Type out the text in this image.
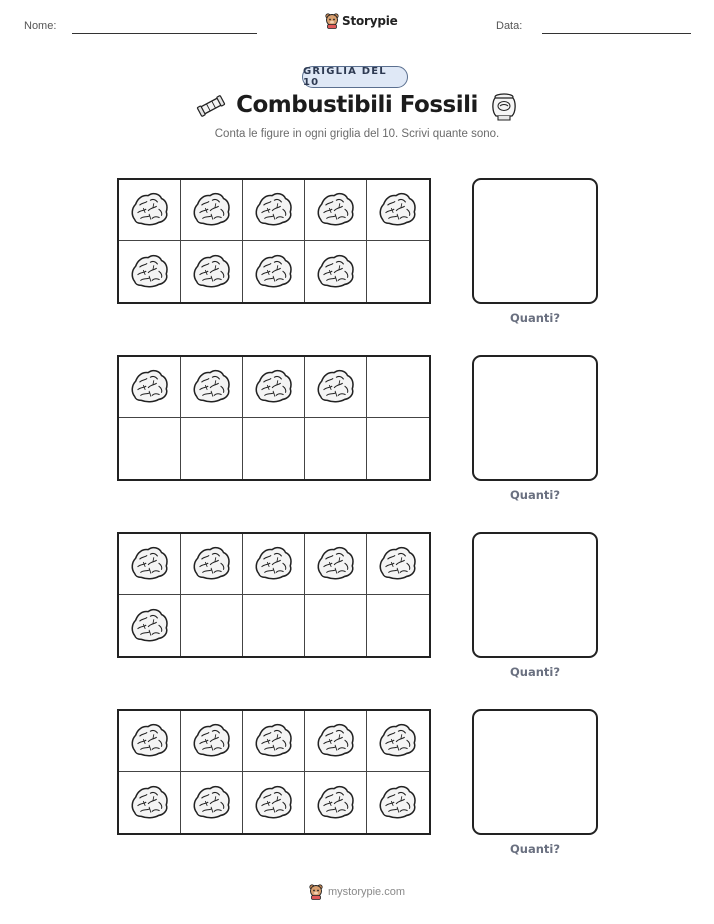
Nome:	Storypie	Data:
GRIGLIA DEL 10
Combustibili Fossili
Conta le figure in ogni griglia del 10. Scrivi quante sono.
Quanti?
Quanti?
Quanti?
Quanti?
mystorypie.com
